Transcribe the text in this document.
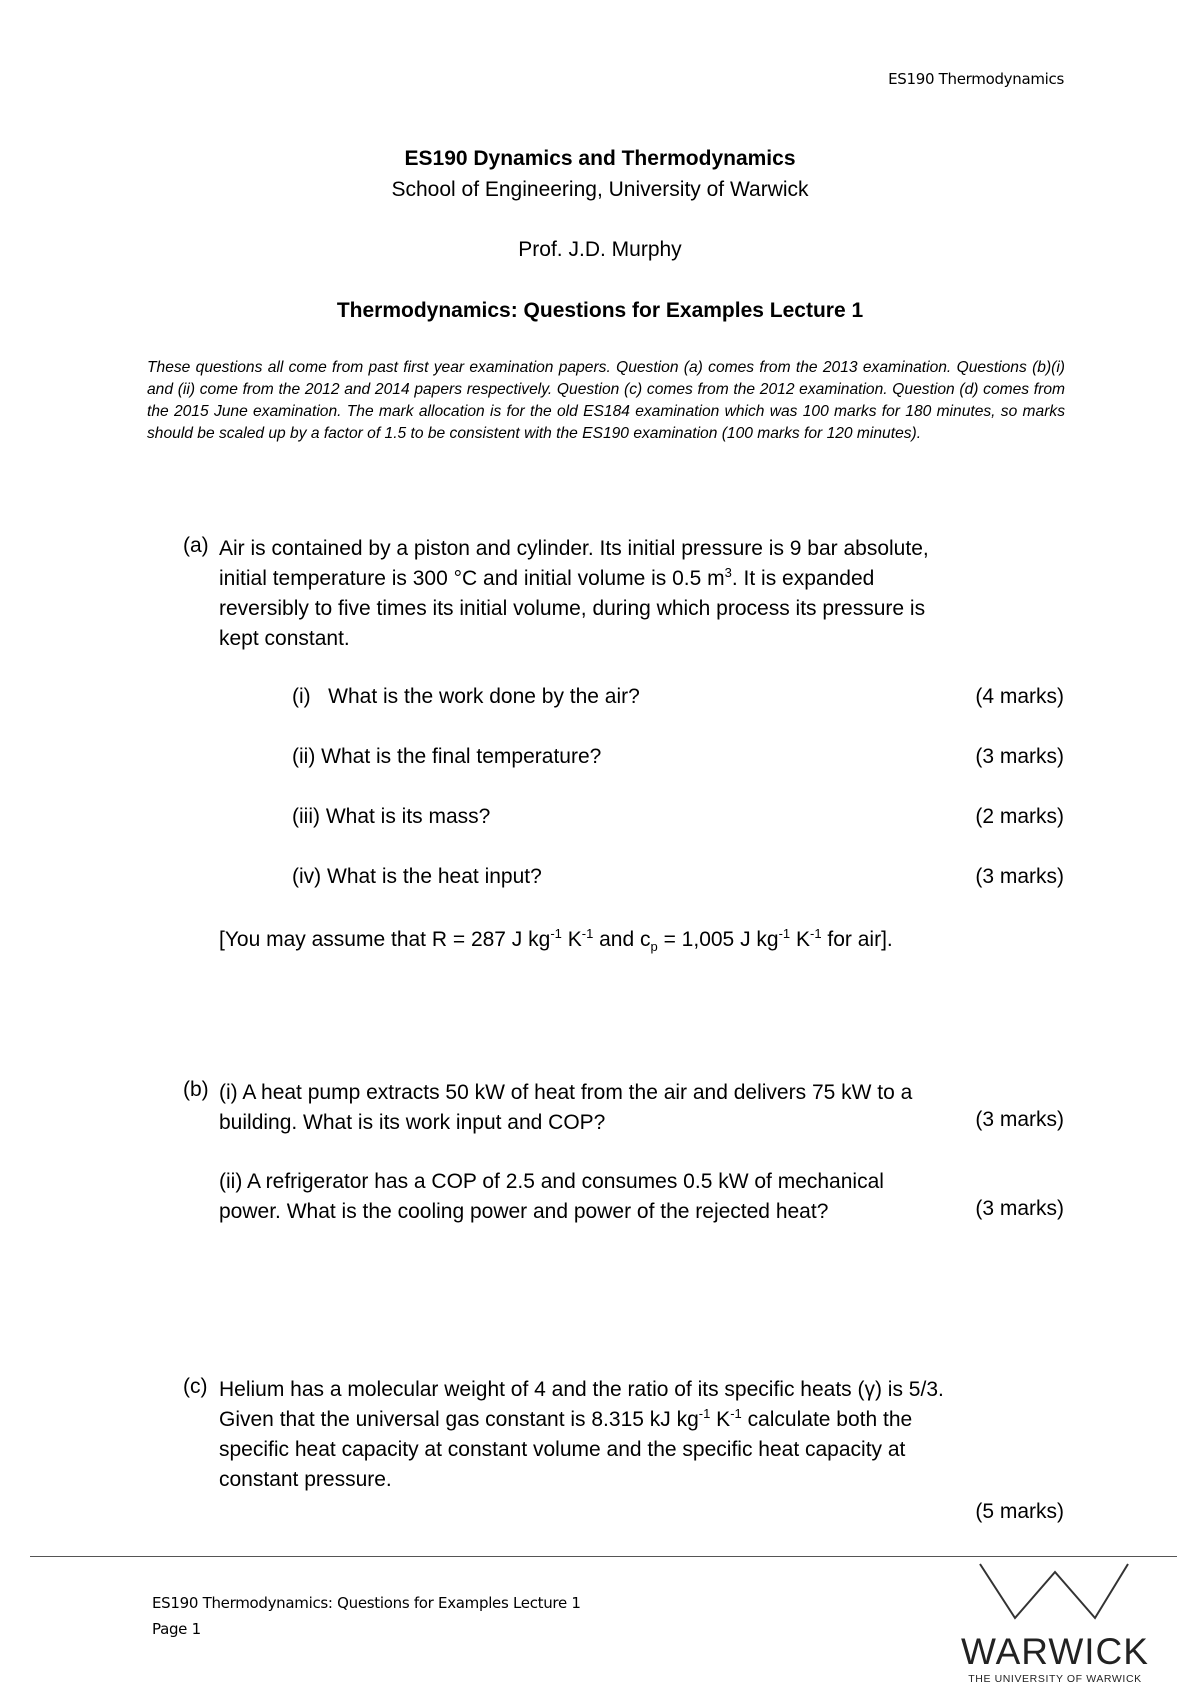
ES190 Thermodynamics
ES190 Dynamics and Thermodynamics
School of Engineering, University of Warwick
Prof. J.D. Murphy
Thermodynamics: Questions for Examples Lecture 1
These questions all come from past first year examination papers. Question (a) comes from the 2013 examination. Questions (b)(i) and (ii) come from the 2012 and 2014 papers respectively. Question (c) comes from the 2012 examination. Question (d) comes from the 2015 June examination. The mark allocation is for the old ES184 examination which was 100 marks for 180 minutes, so marks should be scaled up by a factor of 1.5 to be consistent with the ES190 examination (100 marks for 120 minutes).
(a) Air is contained by a piston and cylinder. Its initial pressure is 9 bar absolute,
initial temperature is 300 °C and initial volume is 0.5 $m^3$. It is expanded
reversibly to five times its initial volume, during which process its pressure is
kept constant.
(i) What is the work done by the air?	(4 marks)
(ii) What is the final temperature?	(3 marks)
(iii) What is its mass?	(2 marks)
(iv) What is the heat input?	(3 marks)
[You may assume that R = 287 J $kg^{-1}$ $K^{-1}$ and $c_p = 1,005$ J $kg^{-1}$ $K^{-1}$ for air].
(b) (i) A heat pump extracts 50 kW of heat from the air and delivers 75 kW to a
building. What is its work input and COP?	(3 marks)
(ii) A refrigerator has a COP of 2.5 and consumes 0.5 kW of mechanical
power. What is the cooling power and power of the rejected heat?	(3 marks)
(c) Helium has a molecular weight of 4 and the ratio of its specific heats (γ) is 5/3.
Given that the universal gas constant is 8.315 kJ $kg^{-1}$ $K^{-1}$ calculate both the
specific heat capacity at constant volume and the specific heat capacity at
constant pressure.
(5 marks)
ES190 Thermodynamics: Questions for Examples Lecture 1
Page 1
WARWICK
THE UNIVERSITY OF WARWICK
